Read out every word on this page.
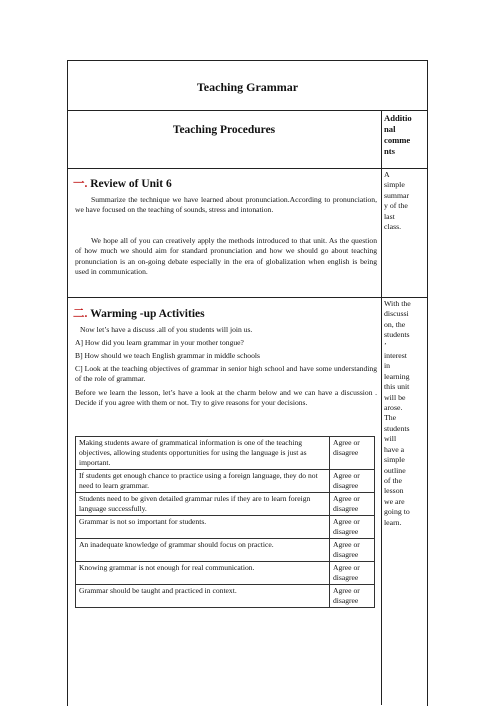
Teaching Grammar
Teaching Procedures
Additio
nal
comme
nts
一. Review of Unit 6
Summarize the technique we have learned about pronunciation.According to pronunciation, we have focused on the teaching of sounds, stress and intonation.
We hope all of you can creatively apply the methods introduced to that unit. As the question of how much we should aim for standard pronunciation and how we should go about teaching pronunciation is an on-going debate especially in the era of globalization when english is being used in communication.
A
simple
summar
y of the
last
class.
二. Warming -up Activities
Now let’s have a discuss .all of you students will join us.
A] How did you learn grammar in your mother tongue?
B] How should we teach English grammar in middle schools
C] Look at the teaching objectives of grammar in senior high school and have some understanding of the role of grammar.
Before we learn the lesson, let’s have a look at the charm below and we can have a discussion . Decide if you agree with them or not. Try to give reasons for your decisions.
Making students aware of grammatical information is one of the teaching objectives, allowing students opportunities for using the language is just as important.	Agree or disagree
If students get enough chance to practice using a foreign language, they do not need to learn grammar.	Agree or disagree
Students need to be given detailed grammar rules if they are to learn foreign language successfully.	Agree or disagree
Grammar is not so important for students.	Agree or disagree
An inadequate knowledge of grammar should focus on practice.	Agree or disagree
Knowing grammar is not enough for real communication.	Agree or disagree
Grammar should be taught and practiced in context.	Agree or disagree
With the
discussi
on, the
students
’
interest
in
learning
this unit
will be
arose.
The
students
will
have a
simple
outline
of the
lesson
we are
going to
learn.
